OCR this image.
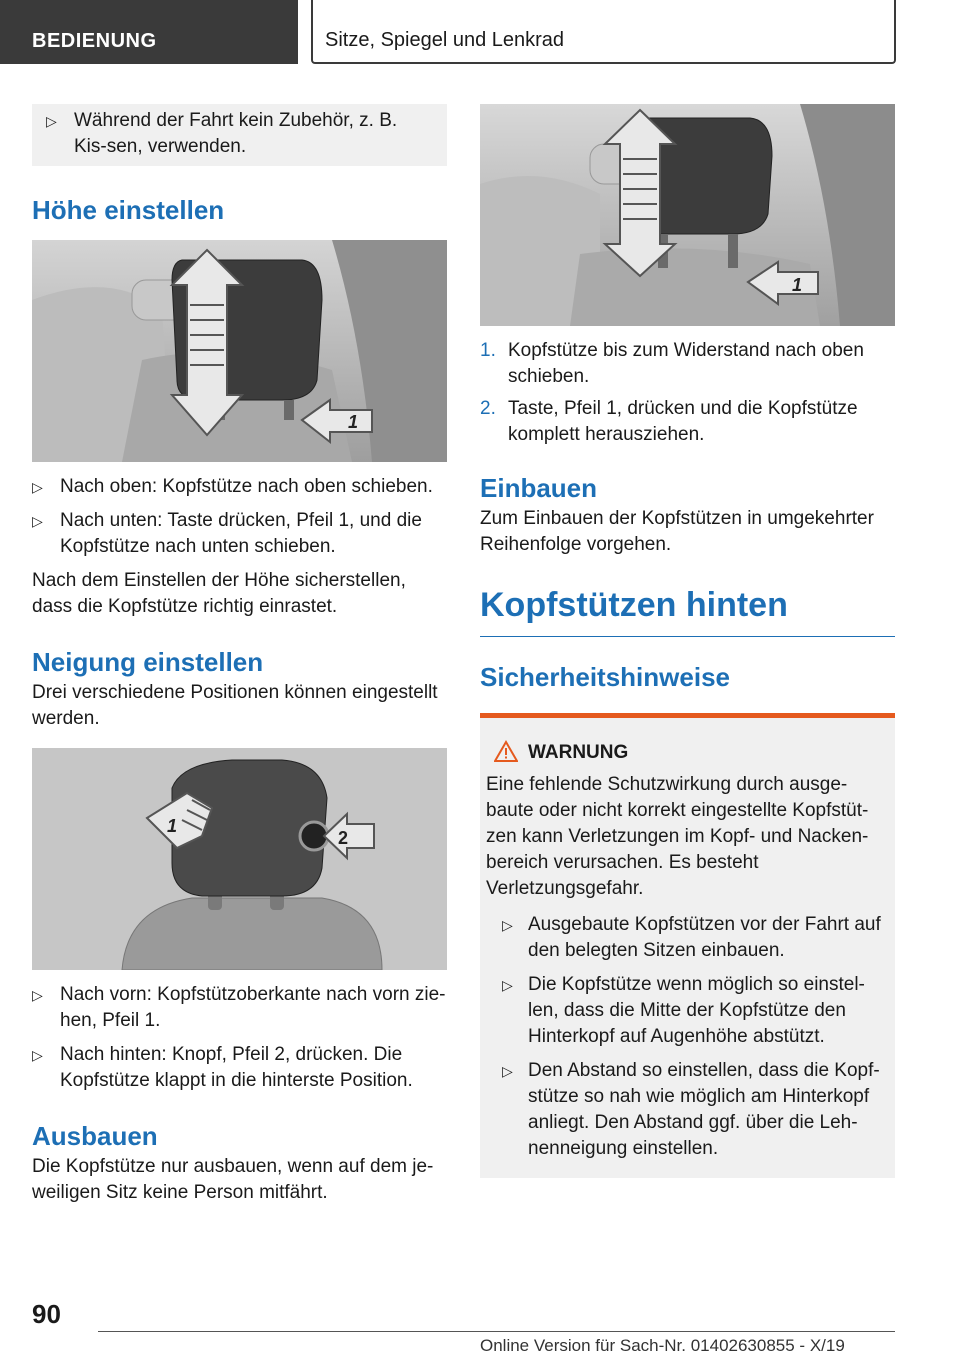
BEDIENUNG	Sitze, Spiegel und Lenkrad
▷ Während der Fahrt kein Zubehör, z. B. Kis‐sen, verwenden.
Höhe einstellen
1
▷ Nach oben: Kopfstütze nach oben schieben.
▷ Nach unten: Taste drücken, Pfeil 1, und die Kopfstütze nach unten schieben.

Nach dem Einstellen der Höhe sicherstellen, dass die Kopfstütze richtig einrastet.

Neigung einstellen

Drei verschiedene Positionen können eingestellt werden.

1
2
▷ Nach vorn: Kopfstützoberkante nach vorn zie‐hen, Pfeil 1.
▷ Nach hinten: Knopf, Pfeil 2, drücken. Die Kopfstütze klappt in die hinterste Position.
Ausbauen

Die Kopfstütze nur ausbauen, wenn auf dem je‐weiligen Sitz keine Person mitfährt.

1
1. Kopfstütze bis zum Widerstand nach oben schieben.
2. Taste, Pfeil 1, drücken und die Kopfstütze komplett herausziehen.
Einbauen

Zum Einbauen der Kopfstützen in umgekehrter Reihenfolge vorgehen.

Kopfstützen hinten
Sicherheitshinweise
WARNUNG

Eine fehlende Schutzwirkung durch ausge‐baute oder nicht korrekt eingestellte Kopfstüt‐zen kann Verletzungen im Kopf- und Nacken‐bereich verursachen. Es besteht Verletzungsgefahr.

▷ Ausgebaute Kopfstützen vor der Fahrt auf den belegten Sitzen einbauen.
▷ Die Kopfstütze wenn möglich so einstel‐len, dass die Mitte der Kopfstütze den Hinterkopf auf Augenhöhe abstützt.
▷ Den Abstand so einstellen, dass die Kopf‐stütze so nah wie möglich am Hinterkopf anliegt. Den Abstand ggf. über die Leh‐nenneigung einstellen.
90
Online Version für Sach-Nr. 01402630855 - X/19
